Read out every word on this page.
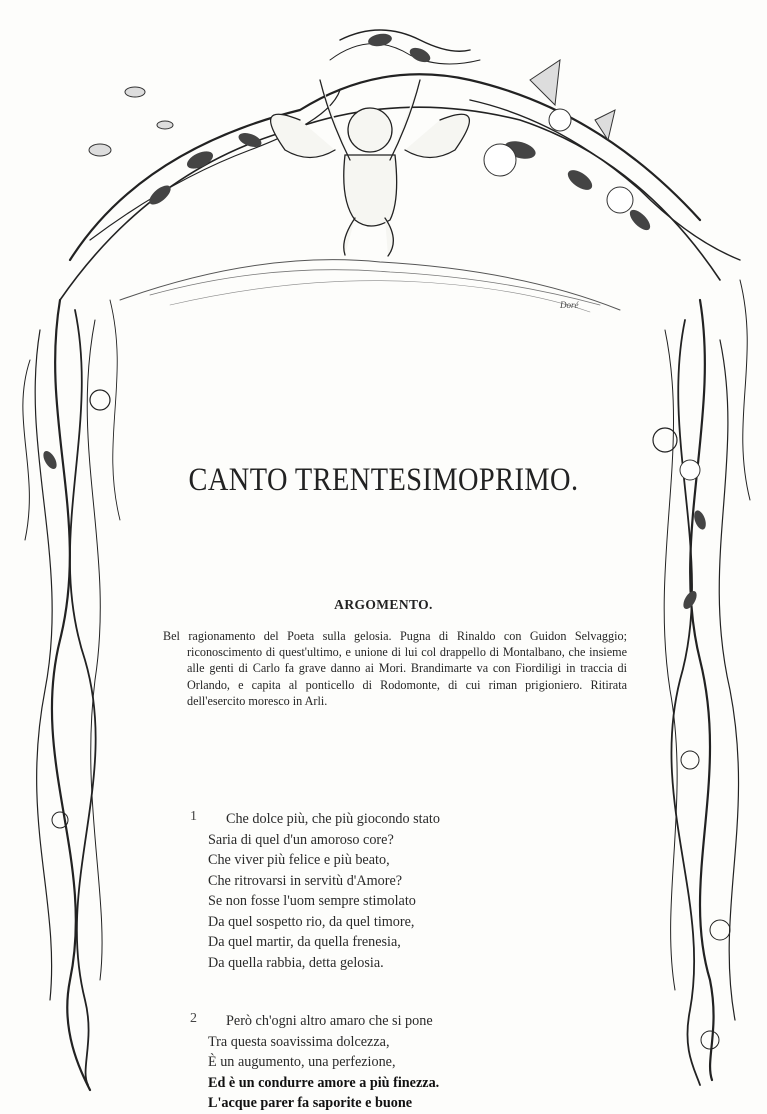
Doré
CANTO TRENTESIMOPRIMO.
ARGOMENTO.
Bel ragionamento del Poeta sulla gelosia. Pugna di Rinaldo con Guidon Selvaggio; riconoscimento di quest'ultimo, e unione di lui col drappello di Montalbano, che insieme alle genti di Carlo fa grave danno ai Mori. Brandimarte va con Fiordiligi in traccia di Orlando, e capita al ponticello di Rodomonte, di cui riman prigioniero. Ritirata dell'esercito moresco in Arli.
1	Che dolce più, che più giocondo stato
Saria di quel d'un amoroso core?
Che viver più felice e più beato,
Che ritrovarsi in servitù d'Amore?
Se non fosse l'uom sempre stimolato
Da quel sospetto rio, da quel timore,
Da quel martir, da quella frenesia,
Da quella rabbia, detta gelosia.
2	Però ch'ogni altro amaro che si pone
Tra questa soavissima dolcezza,
È un augumento, una perfezione,
Ed è un condurre amore a più finezza.
L'acque parer fa saporite e buone
